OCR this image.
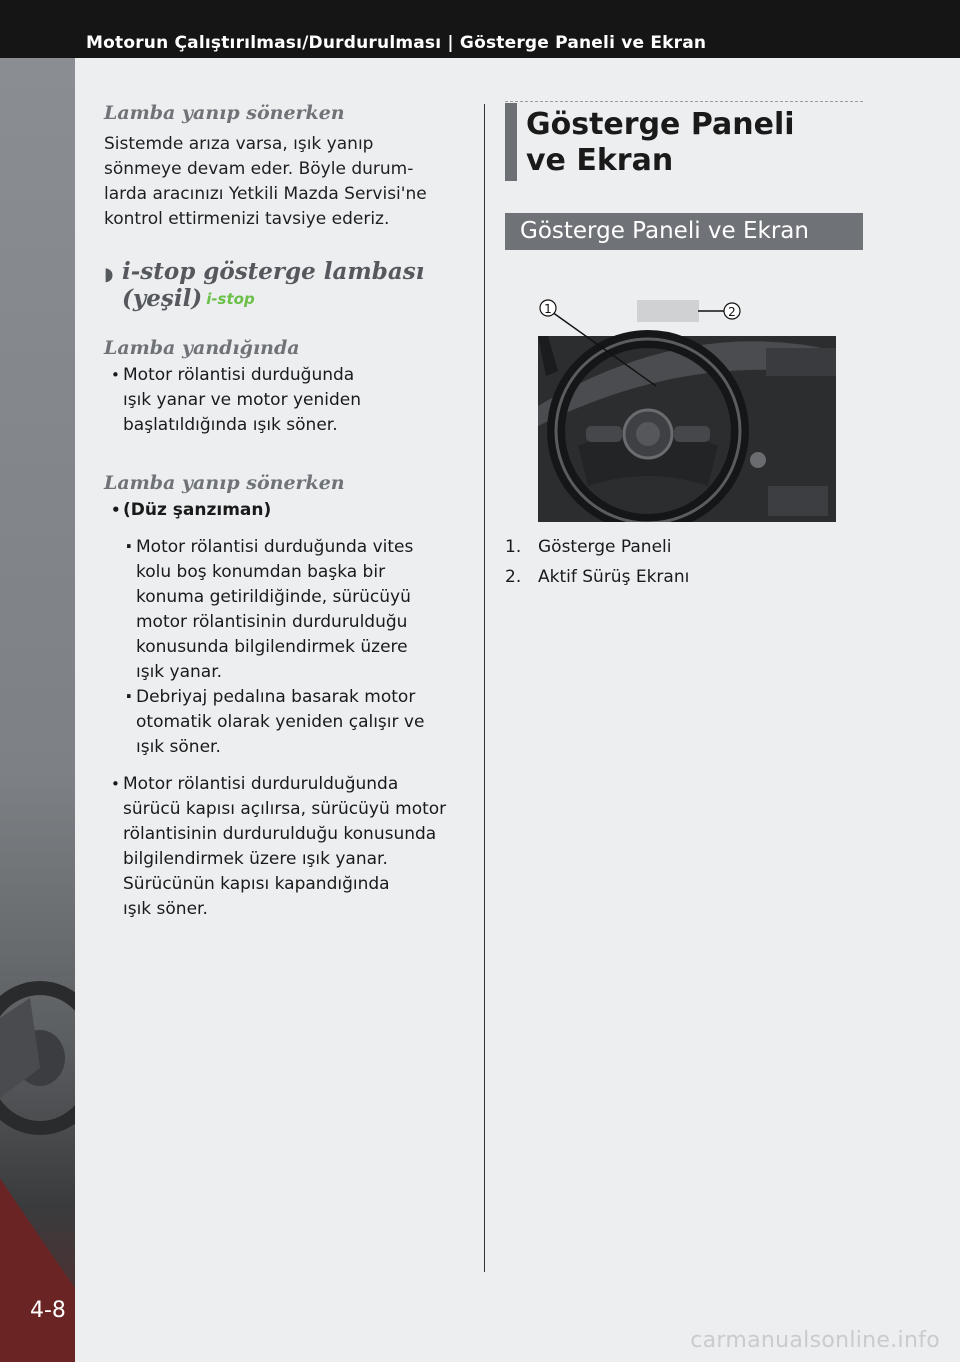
Motorun Çalıştırılması/Durdurulması | Gösterge Paneli ve Ekran
4-8
Lamba yanıp sönerken
Sistemde arıza varsa, ışık yanıp
sönmeye devam eder. Böyle durum-
larda aracınızı Yetkili Mazda Servisi'ne
kontrol ettirmenizi tavsiye ederiz.
◗ i-stop gösterge lambası
(yeşil) i-stop
Lamba yandığında
• Motor rölantisi durduğunda
ışık yanar ve motor yeniden
başlatıldığında ışık söner.
Lamba yanıp sönerken
• (Düz şanzıman)
· Motor rölantisi durduğunda vites
kolu boş konumdan başka bir
konuma getirildiğinde, sürücüyü
motor rölantisinin durdurulduğu
konusunda bilgilendirmek üzere
ışık yanar.
· Debriyaj pedalına basarak motor
otomatik olarak yeniden çalışır ve
ışık söner.
• Motor rölantisi durdurulduğunda
sürücü kapısı açılırsa, sürücüyü motor
rölantisinin durdurulduğu konusunda
bilgilendirmek üzere ışık yanar.
Sürücünün kapısı kapandığında
ışık söner.
Gösterge Paneli
ve Ekran
Gösterge Paneli ve Ekran
1	2
1. Gösterge Paneli
2. Aktif Sürüş Ekranı
carmanualsonline.info
